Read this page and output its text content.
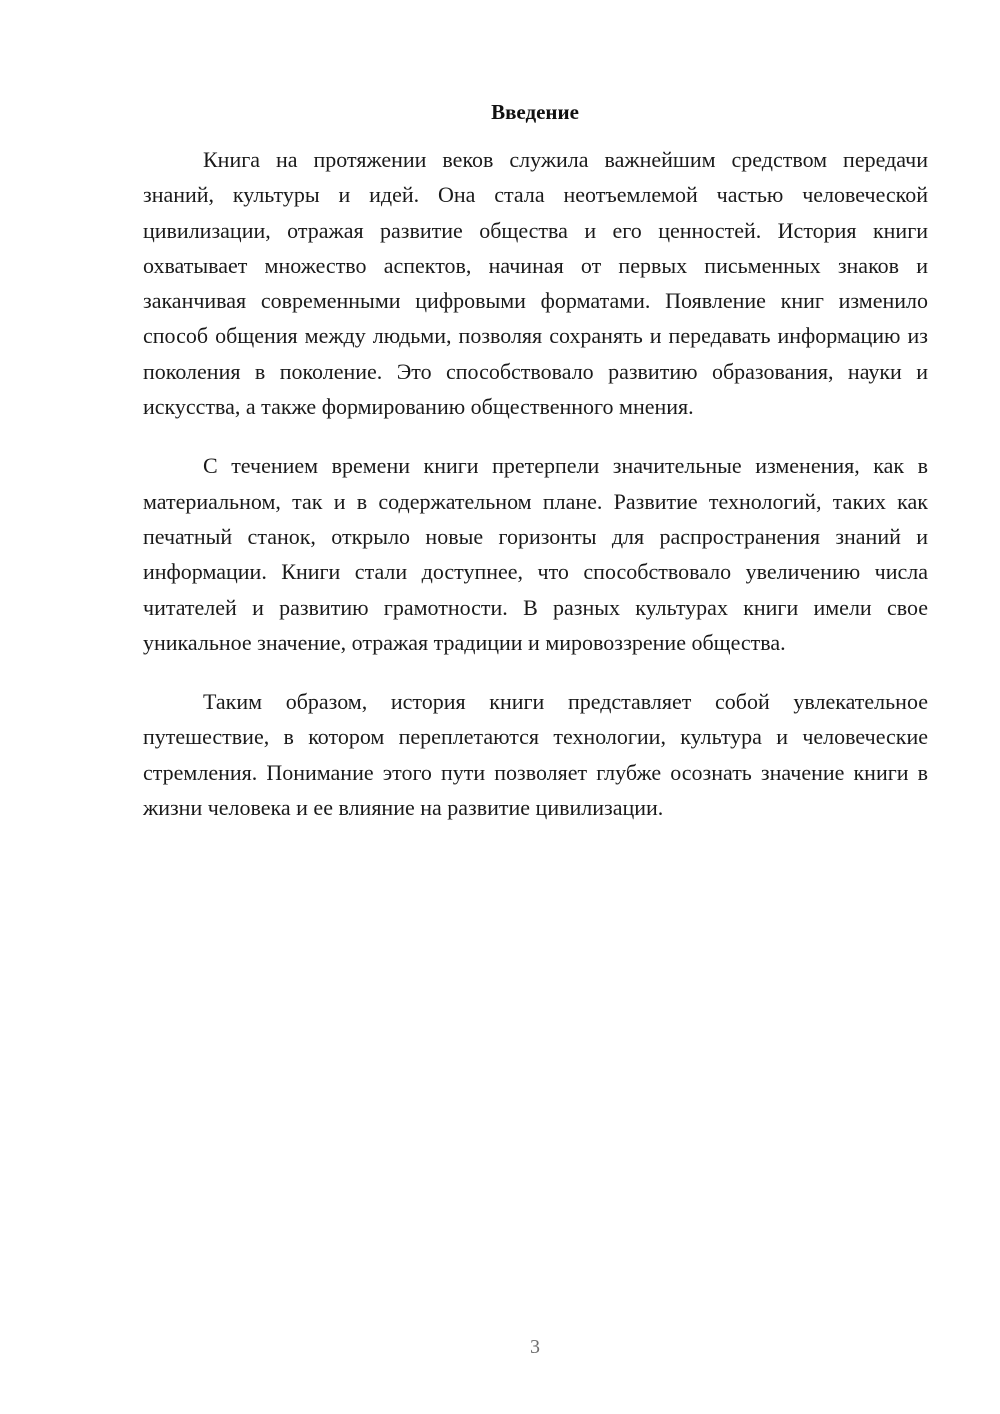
Введение

Книга на протяжении веков служила важнейшим средством передачи знаний, культуры и идей. Она стала неотъемлемой частью человеческой цивилизации, отражая развитие общества и его ценностей. История книги охватывает множество аспектов, начиная от первых письменных знаков и заканчивая современными цифровыми форматами. Появление книг изменило способ общения между людьми, позволяя сохранять и передавать информацию из поколения в поколение. Это способствовало развитию образования, науки и искусства, а также формированию общественного мнения.

С течением времени книги претерпели значительные изменения, как в материальном, так и в содержательном плане. Развитие технологий, таких как печатный станок, открыло новые горизонты для распространения знаний и информации. Книги стали доступнее, что способствовало увеличению числа читателей и развитию грамотности. В разных культурах книги имели свое уникальное значение, отражая традиции и мировоззрение общества.

Таким образом, история книги представляет собой увлекательное путешествие, в котором переплетаются технологии, культура и человеческие стремления. Понимание этого пути позволяет глубже осознать значение книги в жизни человека и ее влияние на развитие цивилизации.

3
